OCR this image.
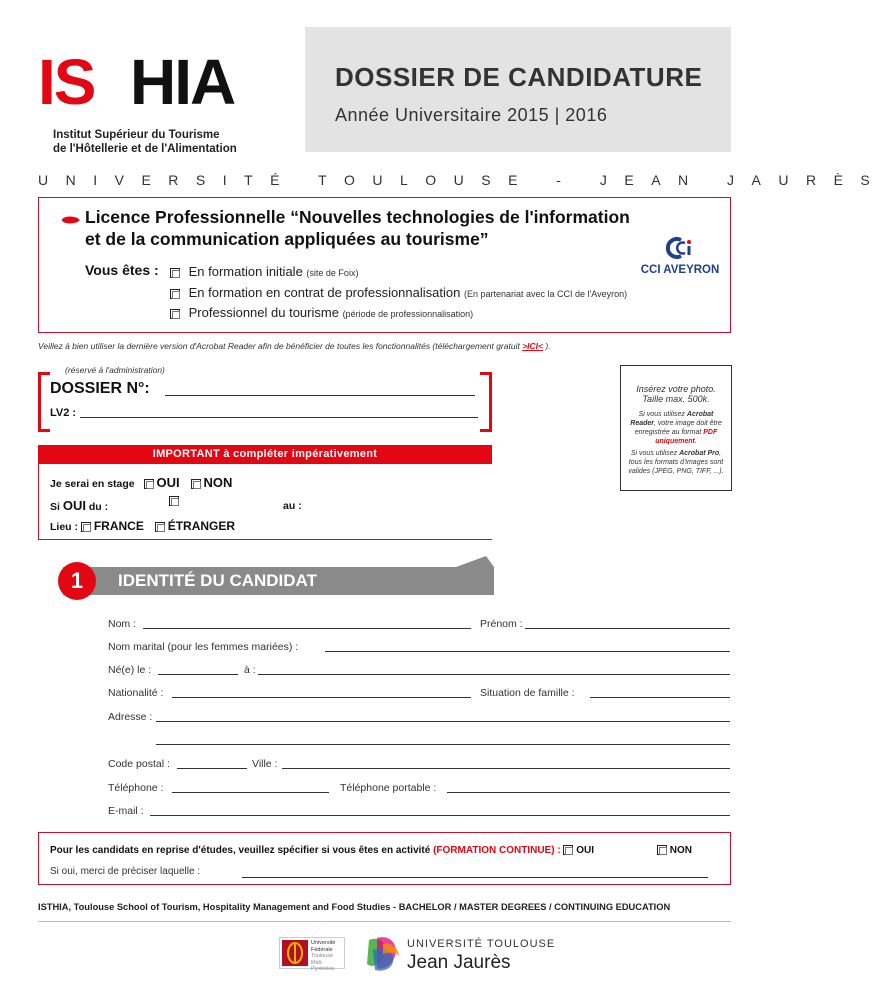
IS HIA
Institut Supérieur du Tourisme
de l'Hôtellerie et de l'Alimentation
DOSSIER DE CANDIDATURE
Année Universitaire 2015 | 2016
UNIVERSITÉ TOULOUSE - JEAN JAURÈS
Licence Professionnelle “Nouvelles technologies de l'information
et de la communication appliquées au tourisme”
CCI AVEYRON
Vous êtes :	En formation initiale (site de Foix)
En formation en contrat de professionnalisation (En partenariat avec la CCI de l'Aveyron)
Professionnel du tourisme (période de professionnalisation)
Veillez à bien utiliser la dernière version d'Acrobat Reader afin de bénéficier de toutes les fonctionnalités (téléchargement gratuit >ICI< ).
(réservé à l'administration)
DOSSIER N°:
LV2 :
IMPORTANT à compléter impérativement
Je serai en stage OUI NON
Si OUI du :	au :
Lieu : FRANCE ÉTRANGER
Insérez votre photo.
Taille max. 500k.
Si vous utilisez Acrobat Reader, votre image doit être enregistrée au format PDF uniquement.
Si vous utilisez Acrobat Pro, tous les formats d'images sont valides (JPEG, PNG, TIFF, ...).
1	IDENTITÉ DU CANDIDAT
Nom :	Prénom :
Nom marital (pour les femmes mariées) :
Né(e) le :	à :
Nationalité :	Situation de famille :
Adresse :
Code postal :	Ville :
Téléphone :	Téléphone portable :
E-mail :
Pour les candidats en reprise d'études, veuillez spécifier si vous êtes en activité (FORMATION CONTINUE) : OUI	NON
Si oui, merci de préciser laquelle :
ISTHIA, Toulouse School of Tourism, Hospitality Management and Food Studies - BACHELOR / MASTER DEGREES / CONTINUING EDUCATION
Université
Fédérale
Toulouse
Midi-Pyrénées
UNIVERSITÉ TOULOUSE
Jean Jaurès
